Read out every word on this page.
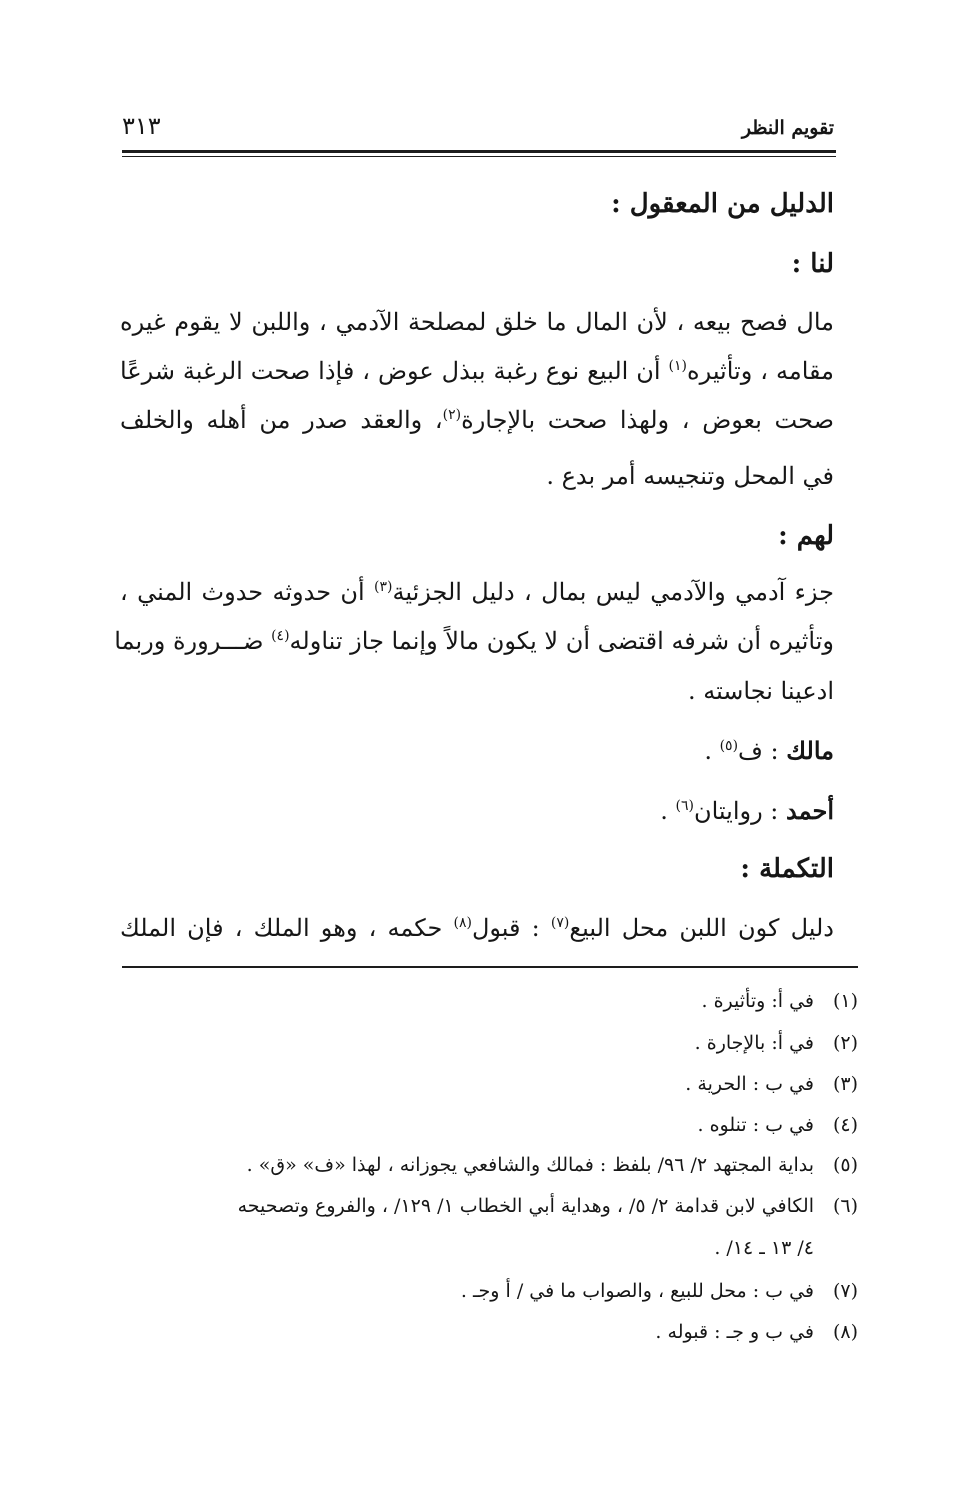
تقويم النظر
٣١٣
الدليل من المعقول :
لنا :
مال فصح بيعه ، لأن المال ما خلق لمصلحة الآدمي ، واللبن لا يقوم غيره
مقامه ، وتأثيره$^{(١)}$ أن البيع نوع رغبة ببذل عوض ، فإذا صحت الرغبة شرعًا
صحت بعوض ، ولهذا صحت بالإجارة$^{(٢)}$، والعقد صدر من أهله والخلف
في المحل وتنجيسه أمر بدع .
لهم :
جزء آدمي والآدمي ليس بمال ، دليل الجزئية$^{(٣)}$ أن حدوثه حدوث المني ،
وتأثيره أن شرفه اقتضى أن لا يكون مالاً وإنما جاز تناوله$^{(٤)}$ ضـــرورة وربما
ادعينا نجاسته .
مالك : ف$^{(٥)}$ .
أحمد : روايتان$^{(٦)}$ .
التكملة :
دليل كون اللبن محل البيع$^{(٧)}$ : قبول$^{(٨)}$ حكمه ، وهو الملك ، فإن الملك
(١)في أ: وتأثيرة .
(٢)في أ: بالإجارة .
(٣)في ب : الحرية .
(٤)في ب : تنلوه .
(٥)بداية المجتهد ٢/ ٩٦/ بلفظ : فمالك والشافعي يجوزانه ، لهذا «ف» «ق» .
(٦)الكافي لابن قدامة ٢/ ٥/ ، وهداية أبي الخطاب ١/ ١٢٩/ ، والفروع وتصحيحه
٤/ ١٣ ـ ١٤/ .
(٧)في ب : محل للبيع ، والصواب ما في / أ وجـ .
(٨)في ب و جـ : قبوله .
